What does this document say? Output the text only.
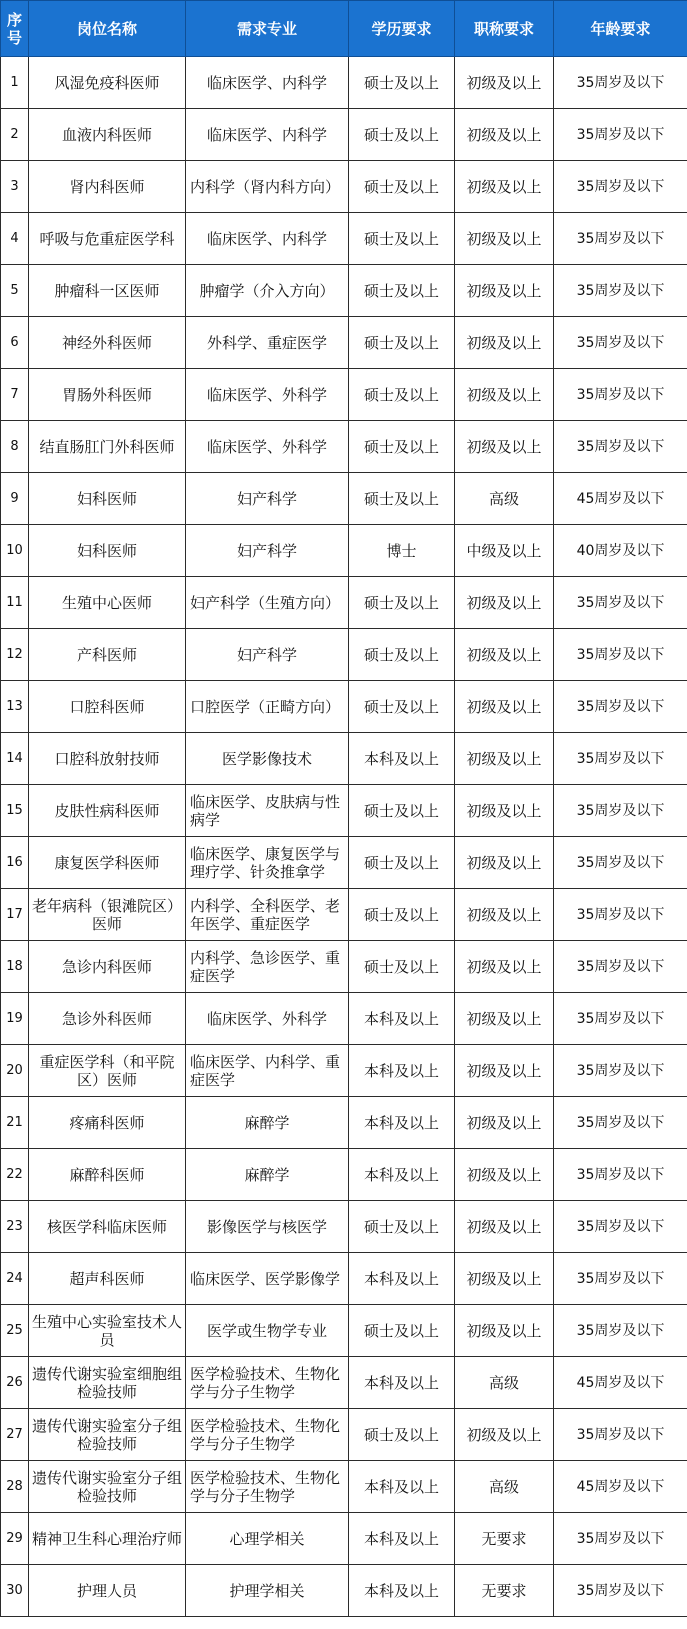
序号	岗位名称	需求专业	学历要求	职称要求	年龄要求
1	风湿免疫科医师	临床医学、内科学	硕士及以上	初级及以上	35周岁及以下
2	血液内科医师	临床医学、内科学	硕士及以上	初级及以上	35周岁及以下
3	肾内科医师	内科学（肾内科方向）	硕士及以上	初级及以上	35周岁及以下
4	呼吸与危重症医学科	临床医学、内科学	硕士及以上	初级及以上	35周岁及以下
5	肿瘤科一区医师	肿瘤学（介入方向）	硕士及以上	初级及以上	35周岁及以下
6	神经外科医师	外科学、重症医学	硕士及以上	初级及以上	35周岁及以下
7	胃肠外科医师	临床医学、外科学	硕士及以上	初级及以上	35周岁及以下
8	结直肠肛门外科医师	临床医学、外科学	硕士及以上	初级及以上	35周岁及以下
9	妇科医师	妇产科学	硕士及以上	高级	45周岁及以下
10	妇科医师	妇产科学	博士	中级及以上	40周岁及以下
11	生殖中心医师	妇产科学（生殖方向）	硕士及以上	初级及以上	35周岁及以下
12	产科医师	妇产科学	硕士及以上	初级及以上	35周岁及以下
13	口腔科医师	口腔医学（正畸方向）	硕士及以上	初级及以上	35周岁及以下
14	口腔科放射技师	医学影像技术	本科及以上	初级及以上	35周岁及以下
15	皮肤性病科医师	临床医学、皮肤病与性病学	硕士及以上	初级及以上	35周岁及以下
16	康复医学科医师	临床医学、康复医学与理疗学、针灸推拿学	硕士及以上	初级及以上	35周岁及以下
17	老年病科（银滩院区）医师	内科学、全科医学、老年医学、重症医学	硕士及以上	初级及以上	35周岁及以下
18	急诊内科医师	内科学、急诊医学、重症医学	硕士及以上	初级及以上	35周岁及以下
19	急诊外科医师	临床医学、外科学	本科及以上	初级及以上	35周岁及以下
20	重症医学科（和平院区）医师	临床医学、内科学、重症医学	本科及以上	初级及以上	35周岁及以下
21	疼痛科医师	麻醉学	本科及以上	初级及以上	35周岁及以下
22	麻醉科医师	麻醉学	本科及以上	初级及以上	35周岁及以下
23	核医学科临床医师	影像医学与核医学	硕士及以上	初级及以上	35周岁及以下
24	超声科医师	临床医学、医学影像学	本科及以上	初级及以上	35周岁及以下
25	生殖中心实验室技术人员	医学或生物学专业	硕士及以上	初级及以上	35周岁及以下
26	遗传代谢实验室细胞组检验技师	医学检验技术、生物化学与分子生物学	本科及以上	高级	45周岁及以下
27	遗传代谢实验室分子组检验技师	医学检验技术、生物化学与分子生物学	硕士及以上	初级及以上	35周岁及以下
28	遗传代谢实验室分子组检验技师	医学检验技术、生物化学与分子生物学	本科及以上	高级	45周岁及以下
29	精神卫生科心理治疗师	心理学相关	本科及以上	无要求	35周岁及以下
30	护理人员	护理学相关	本科及以上	无要求	35周岁及以下
